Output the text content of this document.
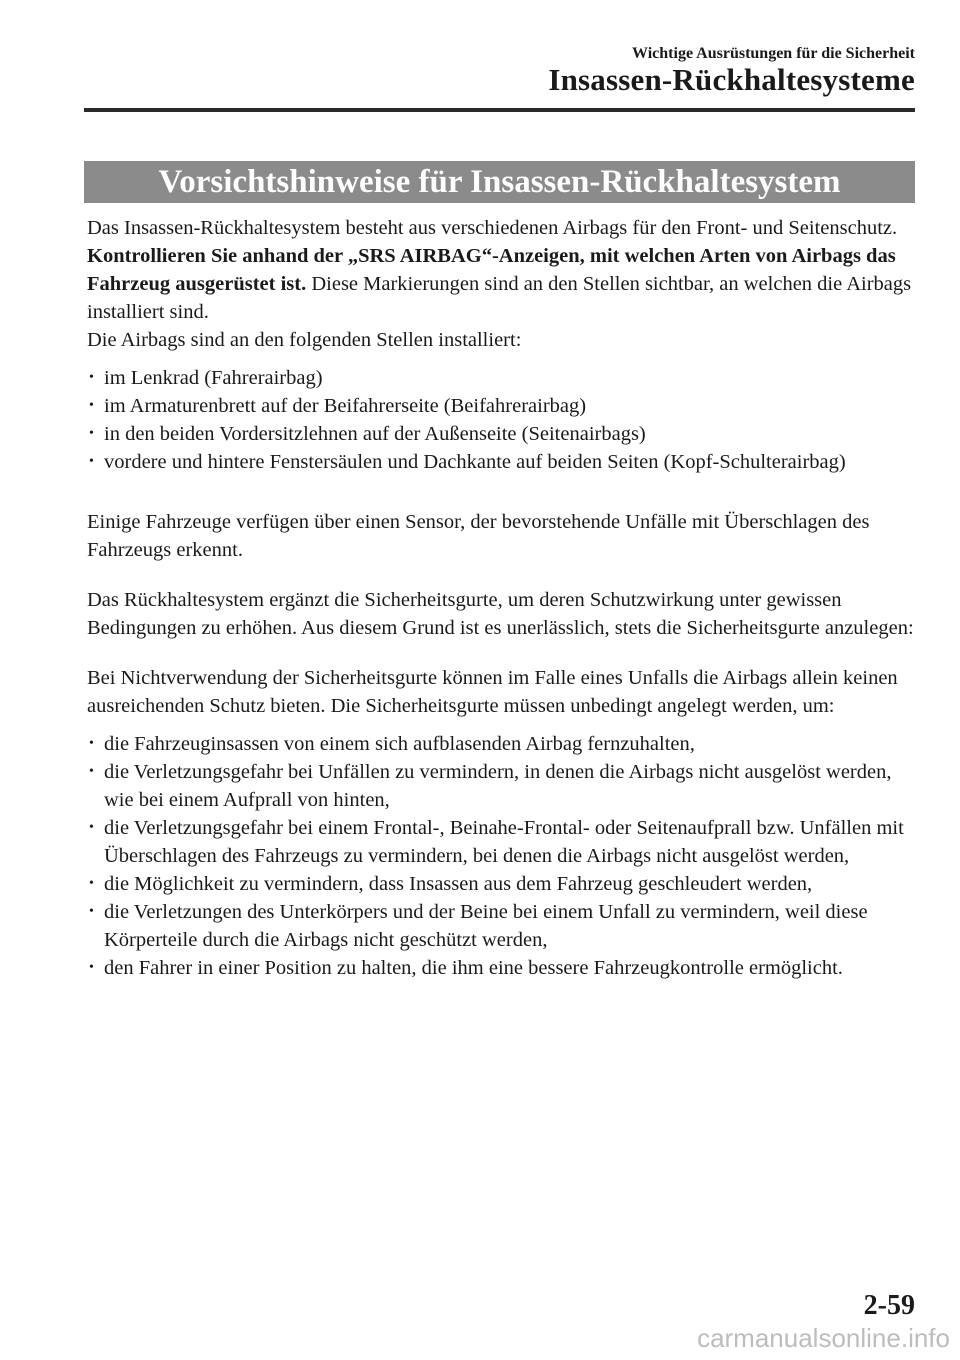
Wichtige Ausrüstungen für die Sicherheit
Insassen-Rückhaltesysteme
Vorsichtshinweise für Insassen-Rückhaltesystem

Das Insassen-Rückhaltesystem besteht aus verschiedenen Airbags für den Front- und Seitenschutz. Kontrollieren Sie anhand der „SRS AIRBAG“-Anzeigen, mit welchen Arten von Airbags das Fahrzeug ausgerüstet ist. Diese Markierungen sind an den Stellen sichtbar, an welchen die Airbags installiert sind.

Die Airbags sind an den folgenden Stellen installiert:

• im Lenkrad (Fahrerairbag)
• im Armaturenbrett auf der Beifahrerseite (Beifahrerairbag)
• in den beiden Vordersitzlehnen auf der Außenseite (Seitenairbags)
• vordere und hintere Fenstersäulen und Dachkante auf beiden Seiten (Kopf-Schulterairbag)

Einige Fahrzeuge verfügen über einen Sensor, der bevorstehende Unfälle mit Überschlagen des Fahrzeugs erkennt.

Das Rückhaltesystem ergänzt die Sicherheitsgurte, um deren Schutzwirkung unter gewissen Bedingungen zu erhöhen. Aus diesem Grund ist es unerlässlich, stets die Sicherheitsgurte anzulegen:

Bei Nichtverwendung der Sicherheitsgurte können im Falle eines Unfalls die Airbags allein keinen ausreichenden Schutz bieten. Die Sicherheitsgurte müssen unbedingt angelegt werden, um:

• die Fahrzeuginsassen von einem sich aufblasenden Airbag fernzuhalten,
• die Verletzungsgefahr bei Unfällen zu vermindern, in denen die Airbags nicht ausgelöst werden, wie bei einem Aufprall von hinten,
• die Verletzungsgefahr bei einem Frontal-, Beinahe-Frontal- oder Seitenaufprall bzw. Unfällen mit Überschlagen des Fahrzeugs zu vermindern, bei denen die Airbags nicht ausgelöst werden,
• die Möglichkeit zu vermindern, dass Insassen aus dem Fahrzeug geschleudert werden,
• die Verletzungen des Unterkörpers und der Beine bei einem Unfall zu vermindern, weil diese Körperteile durch die Airbags nicht geschützt werden,
• den Fahrer in einer Position zu halten, die ihm eine bessere Fahrzeugkontrolle ermöglicht.
2-59
carmanualsonline.info
